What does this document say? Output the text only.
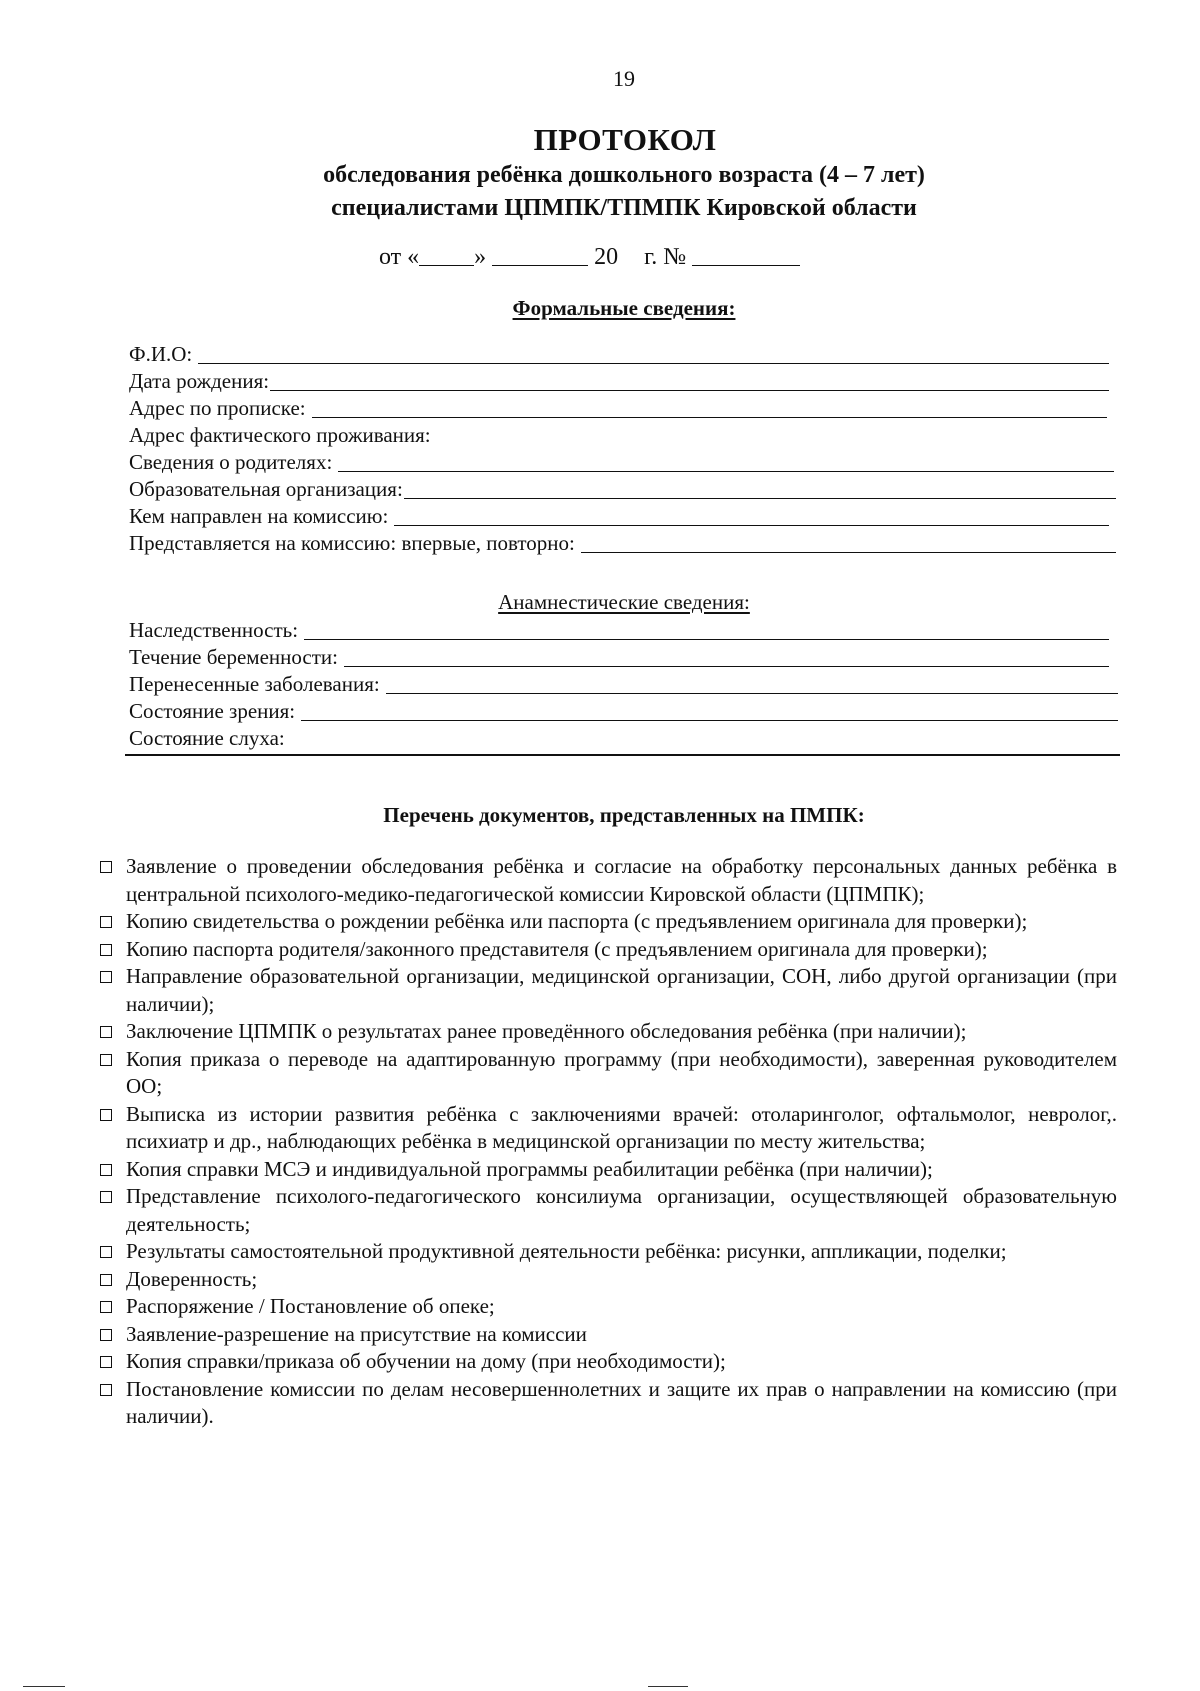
19
ПРОТОКОЛ
обследования ребёнка дошкольного возраста (4 – 7 лет)
специалистами ЦПМПК/ТПМПК Кировской области
от « »	20 г. №
Формальные сведения:
Ф.И.О:
Дата рождения:
Адрес по прописке:
Адрес фактического проживания:
Сведения о родителях:
Образовательная организация:
Кем направлен на комиссию:
Представляется на комиссию: впервые, повторно:
Анамнестические сведения:
Наследственность:
Течение беременности:
Перенесенные заболевания:
Состояние зрения:
Состояние слуха:
Перечень документов, представленных на ПМПК:
Заявление о проведении обследования ребёнка и согласие на обработку персональных данных ребёнка в центральной психолого-медико-педагогической комиссии Кировской области (ЦПМПК);
Копию свидетельства о рождении ребёнка или паспорта (с предъявлением оригинала для проверки);
Копию паспорта родителя/законного представителя (с предъявлением оригинала для проверки);
Направление образовательной организации, медицинской организации, СОН, либо другой организации (при наличии);
Заключение ЦПМПК о результатах ранее проведённого обследования ребёнка (при наличии);
Копия приказа о переводе на адаптированную программу (при необходимости), заверенная руководителем ОО;
Выписка из истории развития ребёнка с заключениями врачей: отоларинголог, офтальмолог, невролог,. психиатр и др., наблюдающих ребёнка в медицинской организации по месту жительства;
Копия справки МСЭ и индивидуальной программы реабилитации ребёнка (при наличии);
Представление психолого-педагогического консилиума организации, осуществляющей образовательную деятельность;
Результаты самостоятельной продуктивной деятельности ребёнка: рисунки, аппликации, поделки;
Доверенность;
Распоряжение / Постановление об опеке;
Заявление-разрешение на присутствие на комиссии
Копия справки/приказа об обучении на дому (при необходимости);
Постановление комиссии по делам несовершеннолетних и защите их прав о направлении на комиссию (при наличии).
